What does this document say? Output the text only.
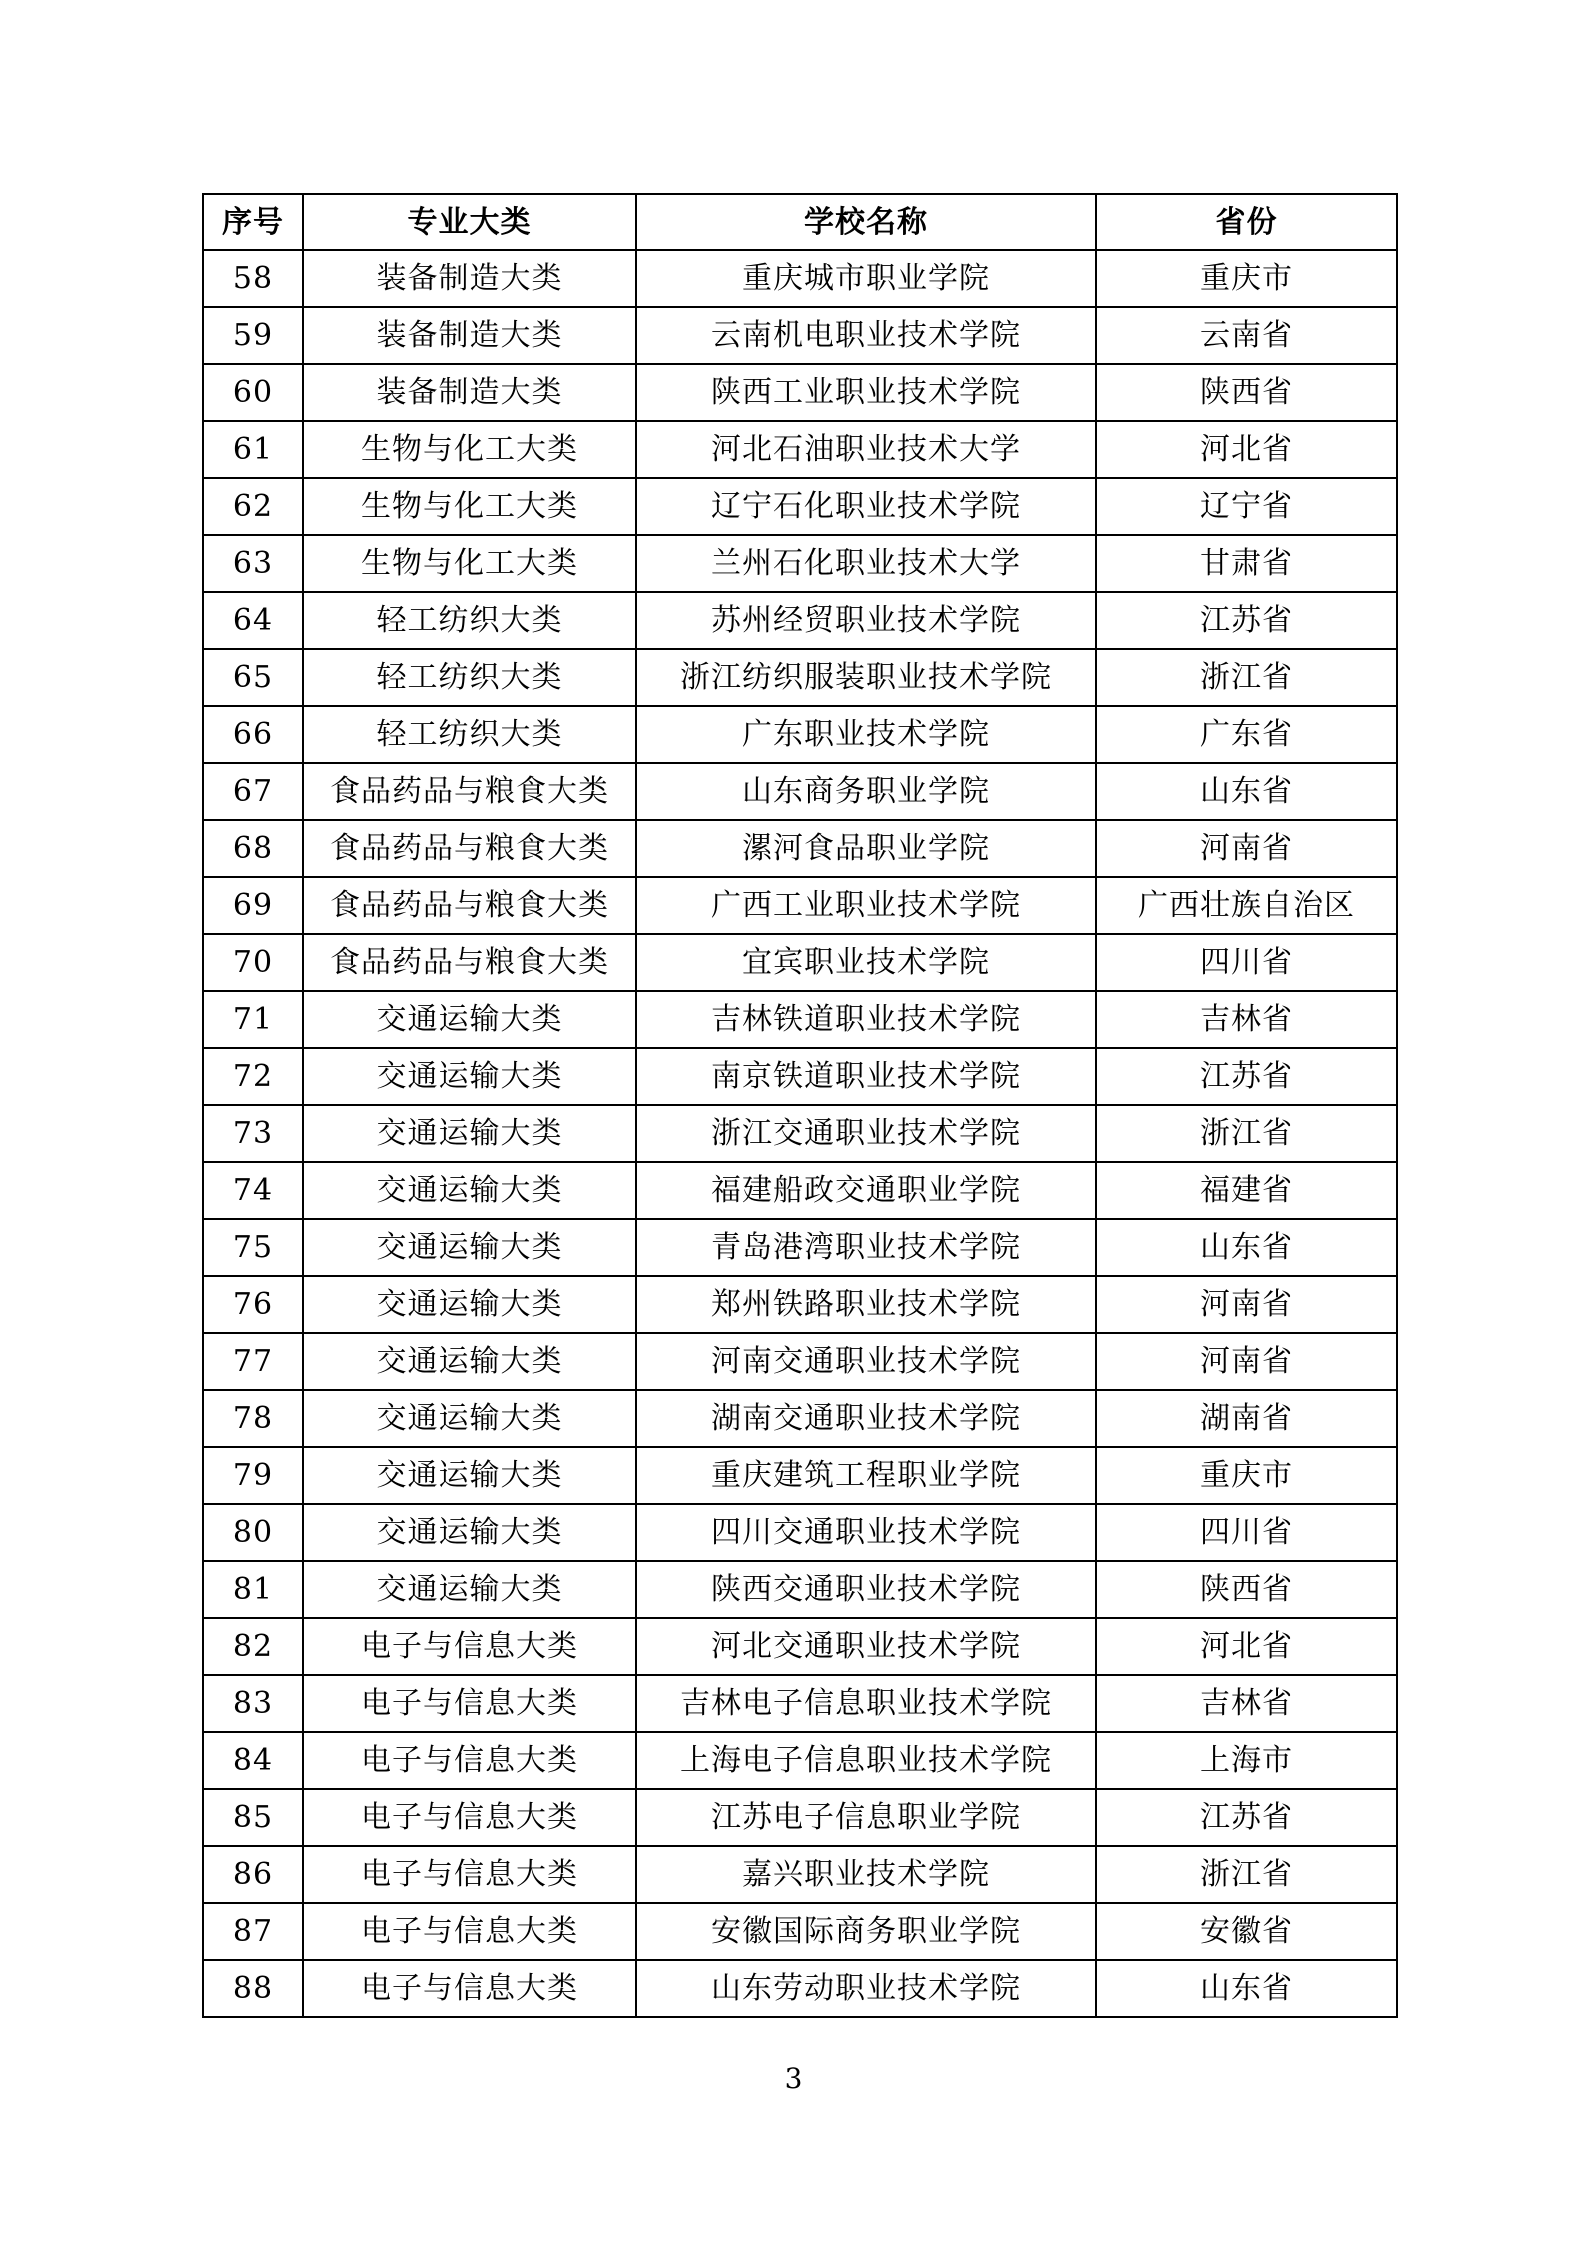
序号	专业大类	学校名称	省份
58	装备制造大类	重庆城市职业学院	重庆市
59	装备制造大类	云南机电职业技术学院	云南省
60	装备制造大类	陕西工业职业技术学院	陕西省
61	生物与化工大类	河北石油职业技术大学	河北省
62	生物与化工大类	辽宁石化职业技术学院	辽宁省
63	生物与化工大类	兰州石化职业技术大学	甘肃省
64	轻工纺织大类	苏州经贸职业技术学院	江苏省
65	轻工纺织大类	浙江纺织服装职业技术学院	浙江省
66	轻工纺织大类	广东职业技术学院	广东省
67	食品药品与粮食大类	山东商务职业学院	山东省
68	食品药品与粮食大类	漯河食品职业学院	河南省
69	食品药品与粮食大类	广西工业职业技术学院	广西壮族自治区
70	食品药品与粮食大类	宜宾职业技术学院	四川省
71	交通运输大类	吉林铁道职业技术学院	吉林省
72	交通运输大类	南京铁道职业技术学院	江苏省
73	交通运输大类	浙江交通职业技术学院	浙江省
74	交通运输大类	福建船政交通职业学院	福建省
75	交通运输大类	青岛港湾职业技术学院	山东省
76	交通运输大类	郑州铁路职业技术学院	河南省
77	交通运输大类	河南交通职业技术学院	河南省
78	交通运输大类	湖南交通职业技术学院	湖南省
79	交通运输大类	重庆建筑工程职业学院	重庆市
80	交通运输大类	四川交通职业技术学院	四川省
81	交通运输大类	陕西交通职业技术学院	陕西省
82	电子与信息大类	河北交通职业技术学院	河北省
83	电子与信息大类	吉林电子信息职业技术学院	吉林省
84	电子与信息大类	上海电子信息职业技术学院	上海市
85	电子与信息大类	江苏电子信息职业学院	江苏省
86	电子与信息大类	嘉兴职业技术学院	浙江省
87	电子与信息大类	安徽国际商务职业学院	安徽省
88	电子与信息大类	山东劳动职业技术学院	山东省
3
